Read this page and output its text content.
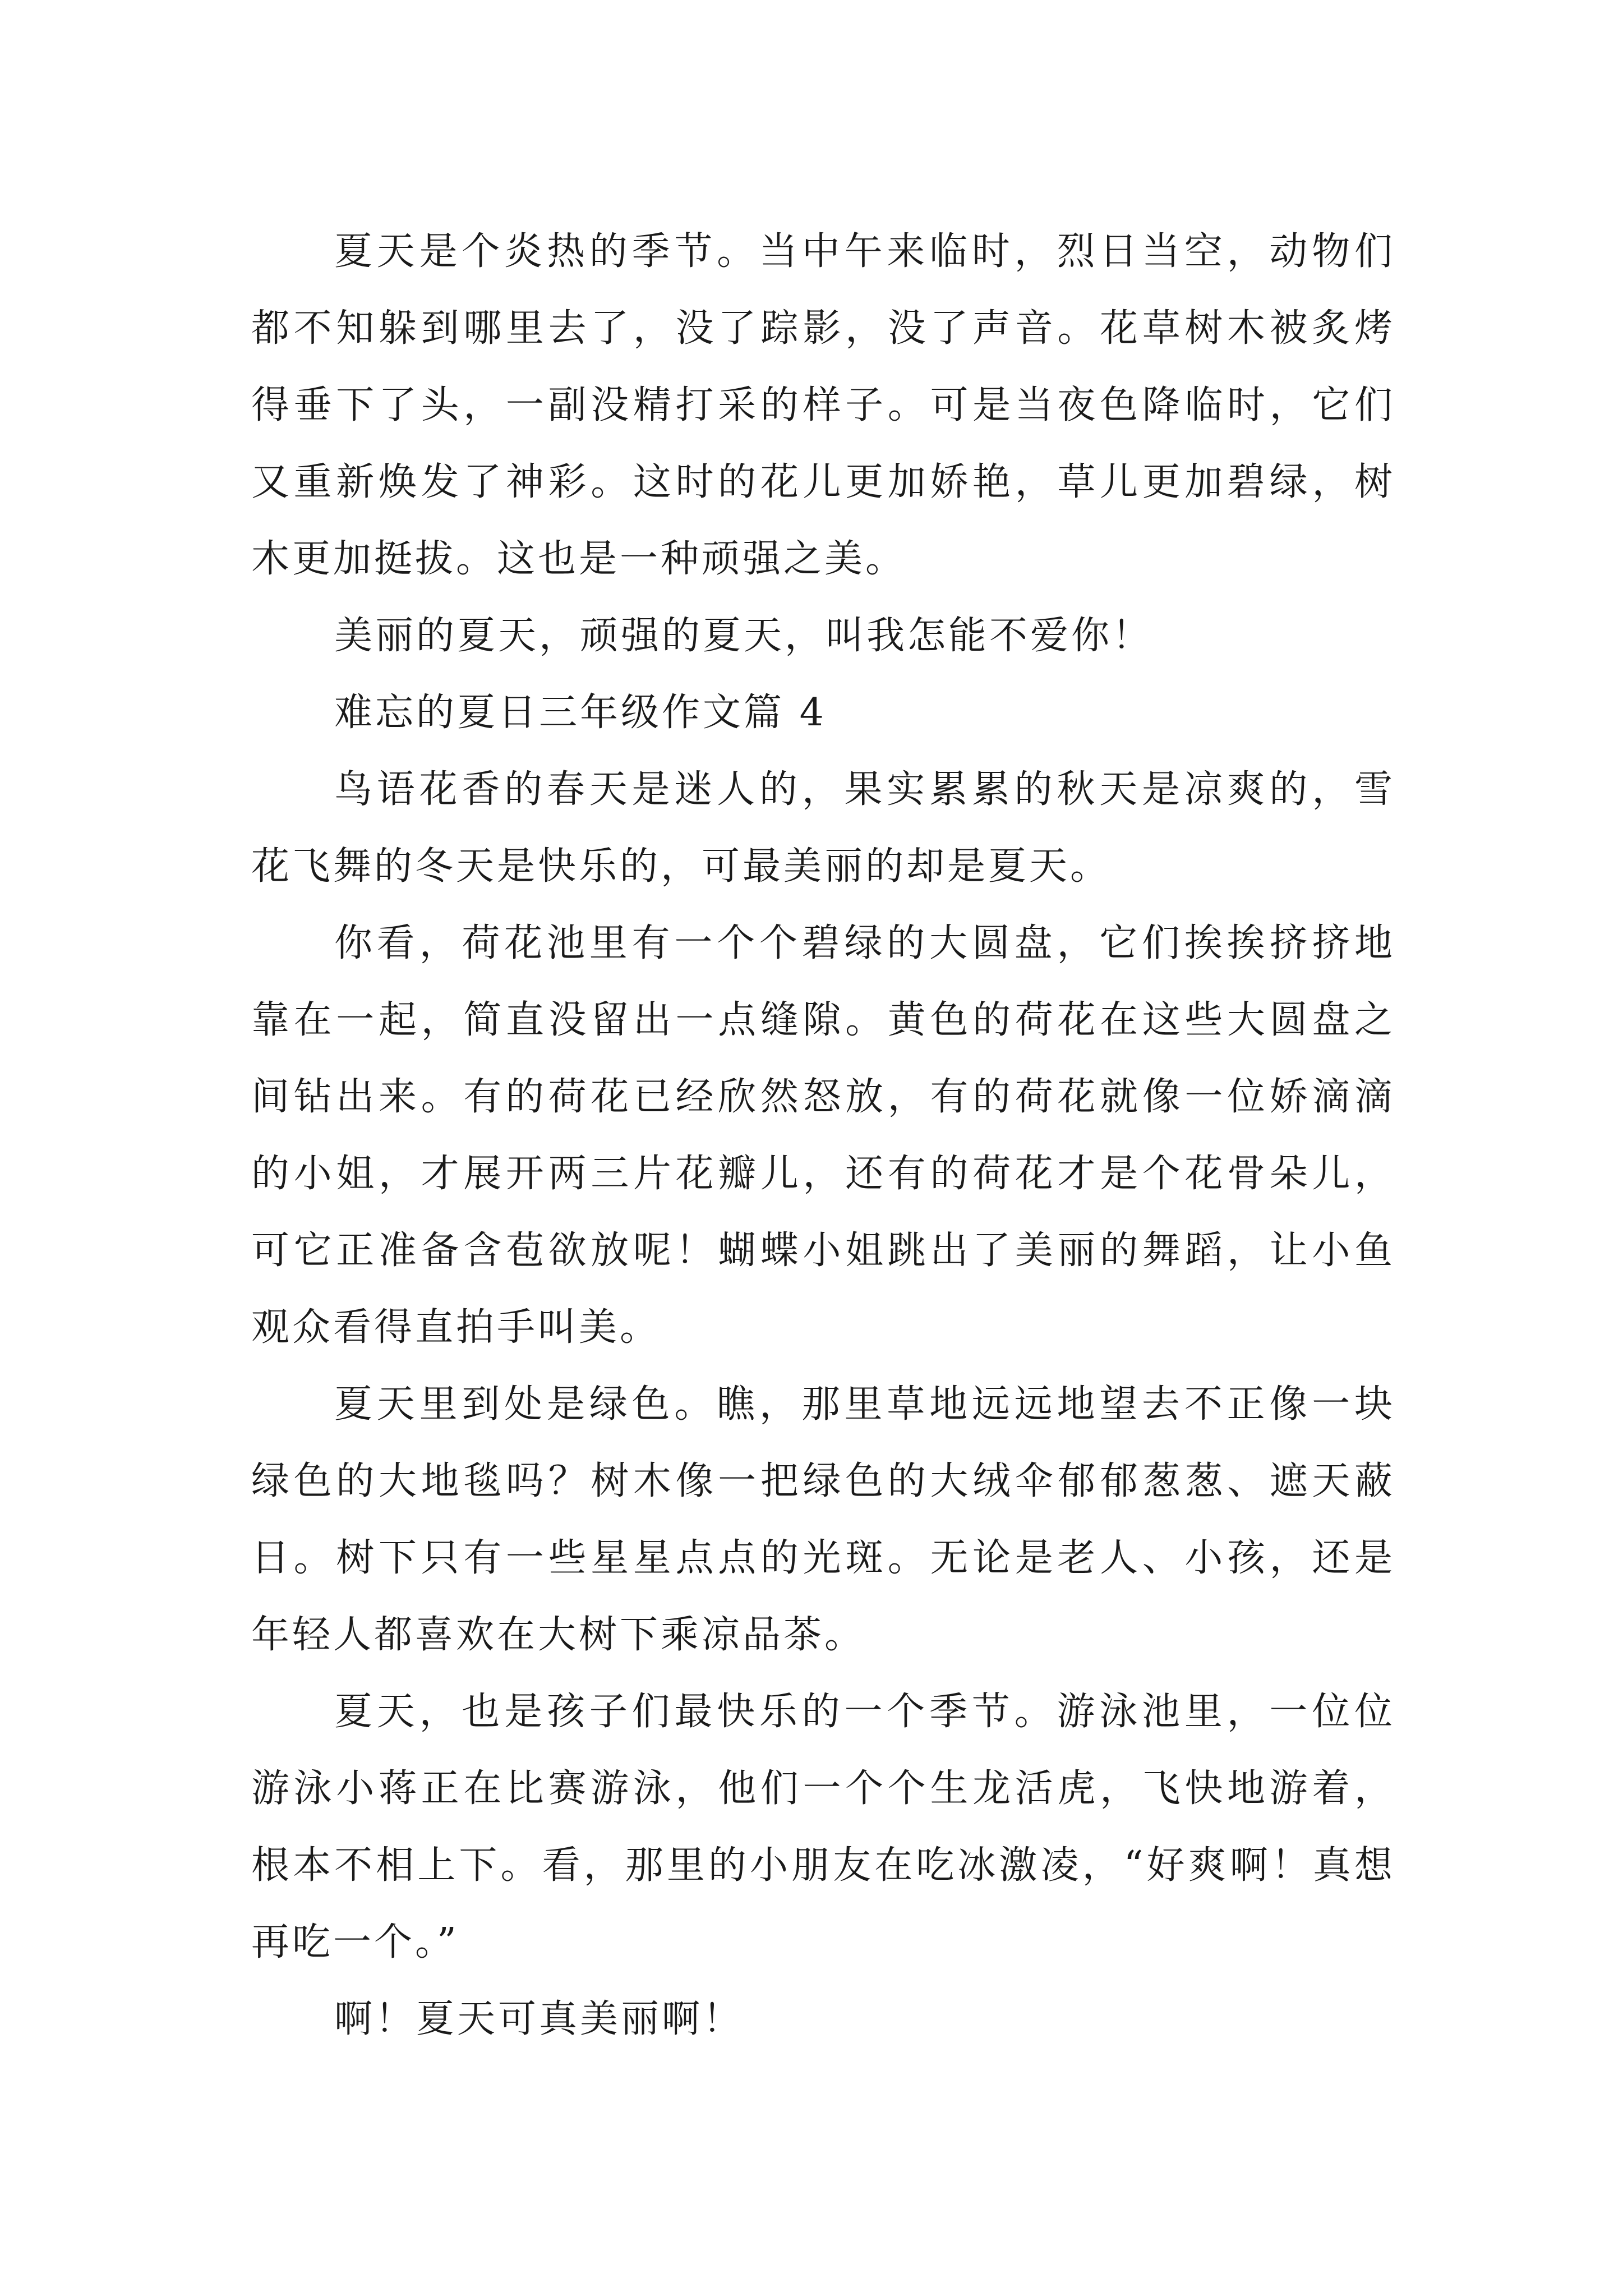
夏天是个炎热的季节。当中午来临时，烈日当空，动物们都不知躲到哪里去了，没了踪影，没了声音。花草树木被炙烤得垂下了头，一副没精打采的样子。可是当夜色降临时，它们又重新焕发了神彩。这时的花儿更加娇艳，草儿更加碧绿，树木更加挺拔。这也是一种顽强之美。

美丽的夏天，顽强的夏天，叫我怎能不爱你！

难忘的夏日三年级作文篇 4

鸟语花香的春天是迷人的，果实累累的秋天是凉爽的，雪花飞舞的冬天是快乐的，可最美丽的却是夏天。

你看，荷花池里有一个个碧绿的大圆盘，它们挨挨挤挤地靠在一起，简直没留出一点缝隙。黄色的荷花在这些大圆盘之间钻出来。有的荷花已经欣然怒放，有的荷花就像一位娇滴滴的小姐，才展开两三片花瓣儿，还有的荷花才是个花骨朵儿，可它正准备含苞欲放呢！蝴蝶小姐跳出了美丽的舞蹈，让小鱼观众看得直拍手叫美。

夏天里到处是绿色。瞧，那里草地远远地望去不正像一块绿色的大地毯吗？树木像一把绿色的大绒伞郁郁葱葱、遮天蔽日。树下只有一些星星点点的光斑。无论是老人、小孩，还是年轻人都喜欢在大树下乘凉品茶。

夏天，也是孩子们最快乐的一个季节。游泳池里，一位位游泳小蒋正在比赛游泳，他们一个个生龙活虎，飞快地游着，根本不相上下。看，那里的小朋友在吃冰激凌，“好爽啊！真想再吃一个。”

啊！夏天可真美丽啊！
